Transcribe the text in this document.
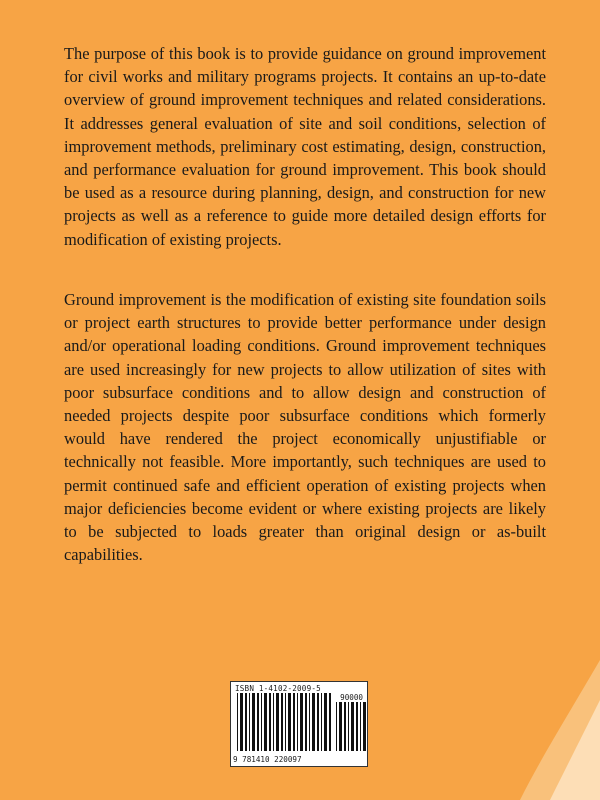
The purpose of this book is to provide guidance on ground improvement for civil works and military programs projects. It contains an up-to-date overview of ground improvement techniques and related considerations. It addresses general evaluation of site and soil conditions, selection of improvement methods, preliminary cost estimating, design, construction, and performance evaluation for ground improvement. This book should be used as a resource during planning, design, and construction for new projects as well as a reference to guide more detailed design efforts for modification of existing projects.

Ground improvement is the modification of existing site foundation soils or project earth structures to provide better performance under design and/or operational loading conditions. Ground improvement techniques are used increasingly for new projects to allow utilization of sites with poor subsurface conditions and to allow design and construction of needed projects despite poor subsurface conditions which formerly would have rendered the project economically unjustifiable or technically not feasible. More importantly, such techniques are used to permit continued safe and efficient operation of existing projects when major deficiencies become evident or where existing projects are likely to be subjected to loads greater than original design or as-built capabilities.

ISBN 1-4102-2009-5
90000
9 781410 220097
